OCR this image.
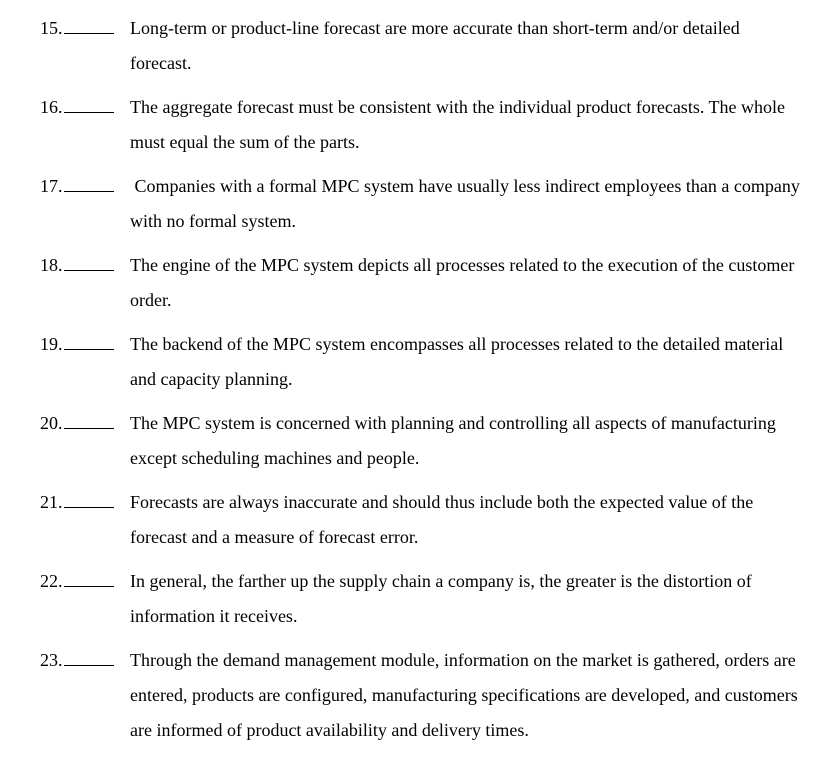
15.	Long-term or product-line forecast are more accurate than short-term and/or detailed forecast.
16.	The aggregate forecast must be consistent with the individual product forecasts. The whole must equal the sum of the parts.
17.	Companies with a formal MPC system have usually less indirect employees than a company with no formal system.
18.	The engine of the MPC system depicts all processes related to the execution of the customer order.
19.	The backend of the MPC system encompasses all processes related to the detailed material and capacity planning.
20.	The MPC system is concerned with planning and controlling all aspects of manufacturing except scheduling machines and people.
21.	Forecasts are always inaccurate and should thus include both the expected value of the forecast and a measure of forecast error.
22.	In general, the farther up the supply chain a company is, the greater is the distortion of information it receives.
23.	Through the demand management module, information on the market is gathered, orders are entered, products are configured, manufacturing specifications are developed, and customers are informed of product availability and delivery times.
